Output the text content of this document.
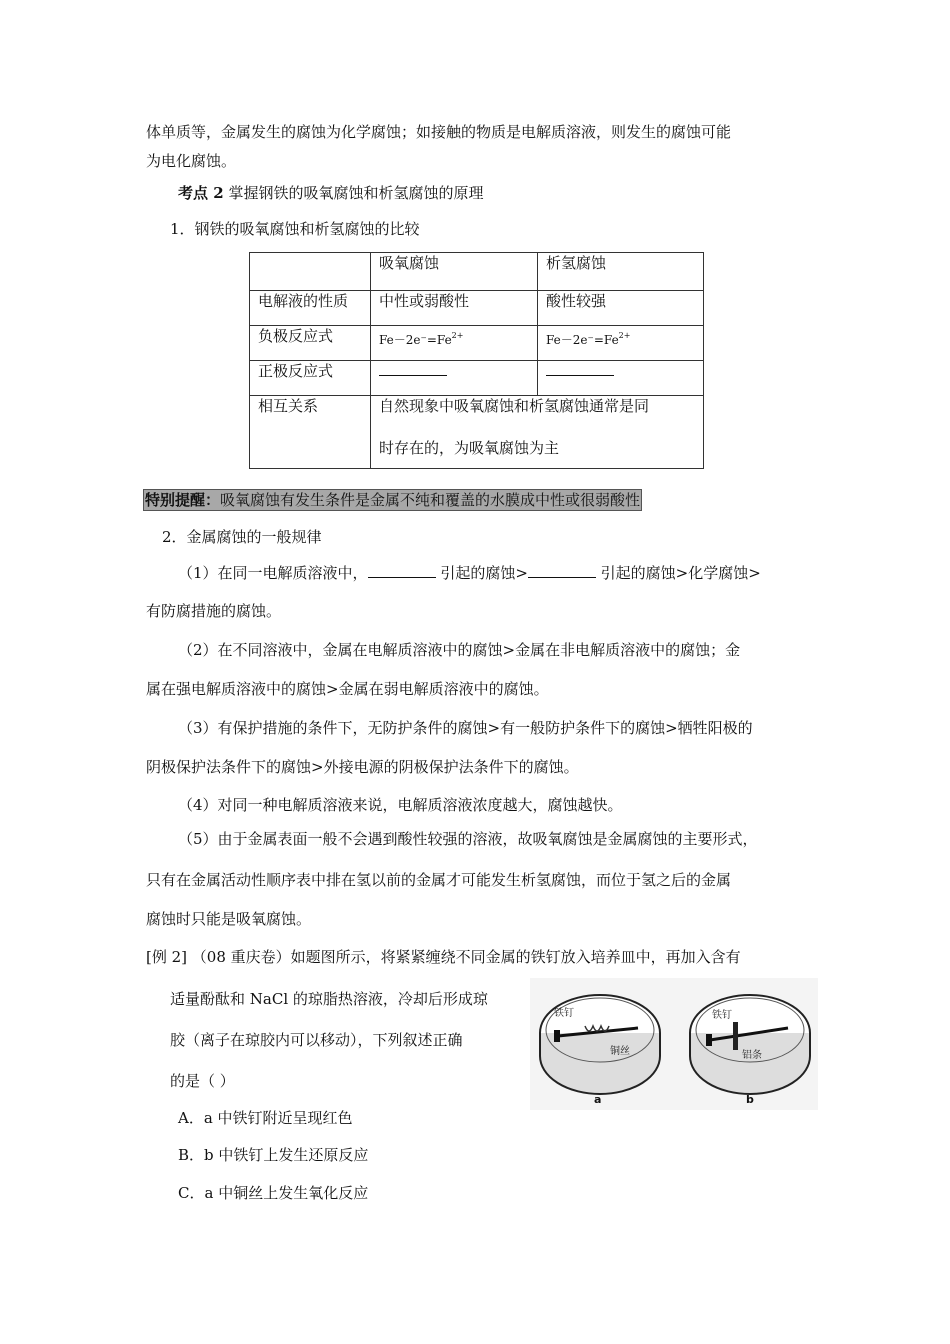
体单质等，金属发生的腐蚀为化学腐蚀；如接触的物质是电解质溶液，则发生的腐蚀可能
为电化腐蚀。
考点 2 掌握钢铁的吸氧腐蚀和析氢腐蚀的原理
1．钢铁的吸氧腐蚀和析氢腐蚀的比较
	吸氧腐蚀	析氢腐蚀
电解液的性质	中性或弱酸性	酸性较强
负极反应式	$Fe-2e^-=Fe^{2+}$	$Fe-2e^-=Fe^{2+}$
正极反应式		
相互关系	自然现象中吸氧腐蚀和析氢腐蚀通常是同
时存在的，为吸氧腐蚀为主	
特别提醒：吸氧腐蚀有发生条件是金属不纯和覆盖的水膜成中性或很弱酸性
2．金属腐蚀的一般规律
（1）在同一电解质溶液中，	引起的腐蚀>	引起的腐蚀>化学腐蚀>
有防腐措施的腐蚀。
（2）在不同溶液中，金属在电解质溶液中的腐蚀>金属在非电解质溶液中的腐蚀；金
属在强电解质溶液中的腐蚀>金属在弱电解质溶液中的腐蚀。
（3）有保护措施的条件下，无防护条件的腐蚀>有一般防护条件下的腐蚀>牺牲阳极的
阴极保护法条件下的腐蚀>外接电源的阴极保护法条件下的腐蚀。
（4）对同一种电解质溶液来说，电解质溶液浓度越大，腐蚀越快。
（5）由于金属表面一般不会遇到酸性较强的溶液，故吸氧腐蚀是金属腐蚀的主要形式，
只有在金属活动性顺序表中排在氢以前的金属才可能发生析氢腐蚀，而位于氢之后的金属
腐蚀时只能是吸氧腐蚀。
[例 2] （08 重庆卷）如题图所示，将紧紧缠绕不同金属的铁钉放入培养皿中，再加入含有
适量酚酞和 NaCl 的琼脂热溶液，冷却后形成琼
胶（离子在琼胶内可以移动），下列叙述正确
的是（ ）
A．a 中铁钉附近呈现红色
B．b 中铁钉上发生还原反应
C．a 中铜丝上发生氧化反应
铁钉
铜丝
a
铁钉
铝条
b
